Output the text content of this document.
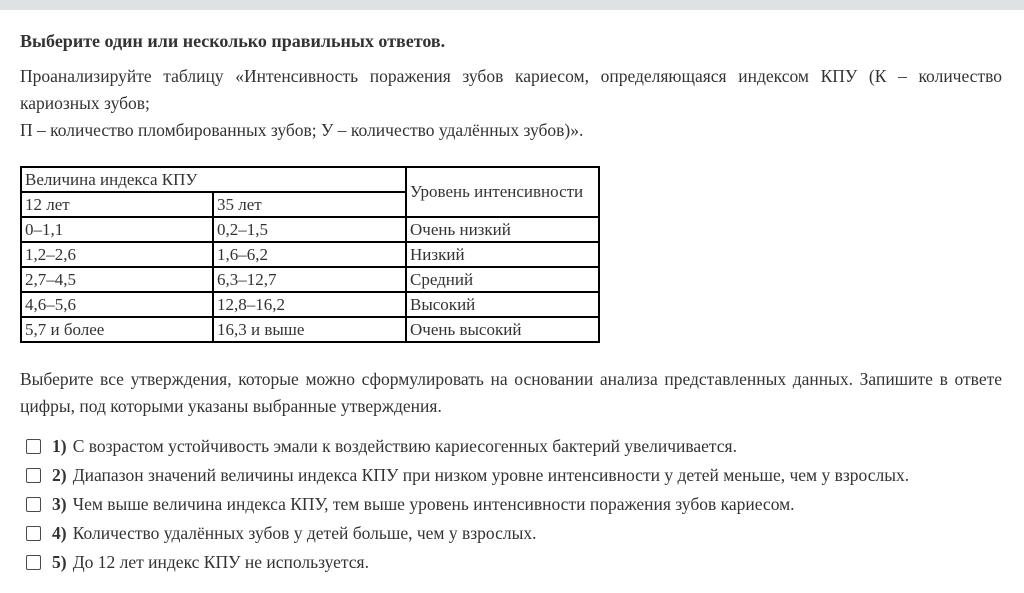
Выберите один или несколько правильных ответов.

Проанализируйте таблицу «Интенсивность поражения зубов кариесом, определяющаяся индексом КПУ (К – количество кариозных зубов;

П – количество пломбированных зубов; У – количество удалённых зубов)».

Величина индекса КПУ		Уровень интенсивности
12 лет	35 лет	
0–1,1	0,2–1,5	Очень низкий
1,2–2,6	1,6–6,2	Низкий
2,7–4,5	6,3–12,7	Средний
4,6–5,6	12,8–16,2	Высокий
5,7 и более	16,3 и выше	Очень высокий

Выберите все утверждения, которые можно сформулировать на основании анализа представленных данных. Запишите в ответе цифры, под которыми указаны выбранные утверждения.

1) С возрастом устойчивость эмали к воздействию кариесогенных бактерий увеличивается.
2) Диапазон значений величины индекса КПУ при низком уровне интенсивности у детей меньше, чем у взрослых.
3) Чем выше величина индекса КПУ, тем выше уровень интенсивности поражения зубов кариесом.
4) Количество удалённых зубов у детей больше, чем у взрослых.
5) До 12 лет индекс КПУ не используется.
